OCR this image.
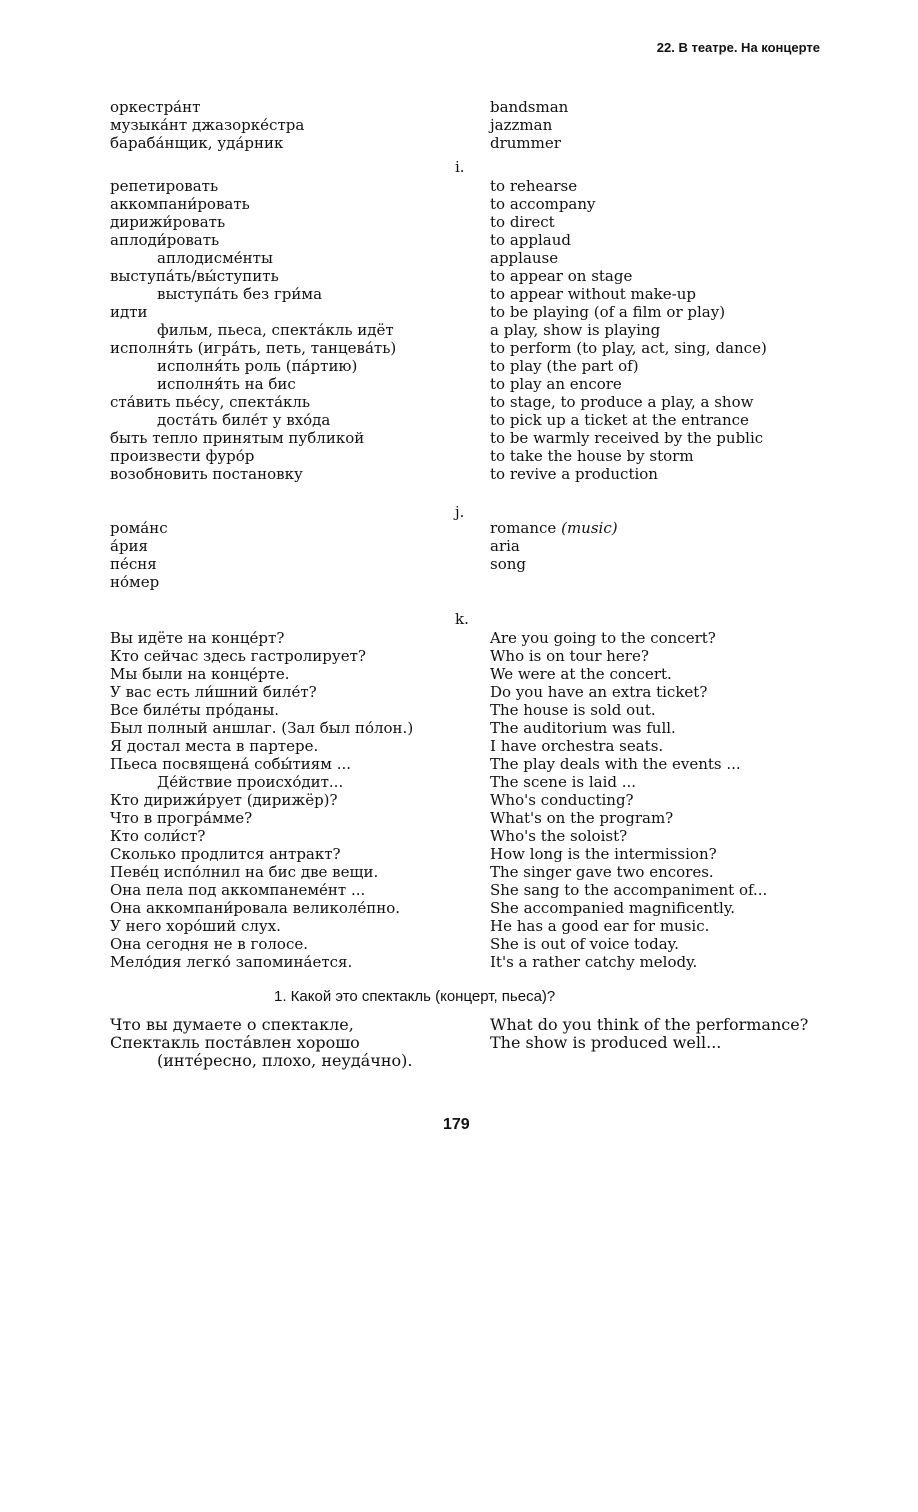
22. В театре. На концерте
оркестра́нт	bandsman
музыка́нт джазорке́стра	jazzman
бараба́нщик, уда́рник	drummer
i.
репетировать	to rehearse
аккомпани́ровать	to accompany
дирижи́ровать	to direct
аплоди́ровать	to applaud
аплодисме́нты	applause
выступа́ть/вы́ступить	to appear on stage
выступа́ть без гри́ма	to appear without make-up
идти	to be playing (of a film or play)
фильм, пьеса, спекта́кль идёт	a play, show is playing
исполня́ть (игра́ть, петь, танцева́ть)	to perform (to play, act, sing, dance)
исполня́ть роль (па́ртию)	to play (the part of)
исполня́ть на бис	to play an encore
ста́вить пье́су, спекта́кль	to stage, to produce a play, a show
доста́ть биле́т у вхо́да	to pick up a ticket at the entrance
быть тепло принятым публикой	to be warmly received by the public
произвести фуро́р	to take the house by storm
возобновить постановку	to revive a production
j.
рома́нс	romance (music)
а́рия	aria
пе́сня	song
но́мер
k.
Вы идёте на конце́рт?	Are you going to the concert?
Кто сейчас здесь гастролирует?	Who is on tour here?
Мы были на конце́рте.	We were at the concert.
У вас есть ли́шний биле́т?	Do you have an extra ticket?
Все биле́ты про́даны.	The house is sold out.
Был полный аншлаг. (Зал был по́лон.)	The auditorium was full.
Я достал места в партере.	I have orchestra seats.
Пьеса посвящена́ собы́тиям ...	The play deals with the events ...
Де́йствие происхо́дит...	The scene is laid ...
Кто дирижи́рует (дирижёр)?	Who's conducting?
Что в програ́мме?	What's on the program?
Кто соли́ст?	Who's the soloist?
Сколько продлится антракт?	How long is the intermission?
Певе́ц испо́лнил на бис две вещи.	The singer gave two encores.
Она пела под аккомпанеме́нт ...	She sang to the accompaniment of...
Она аккомпани́ровала великоле́пно.	She accompanied magnificently.
У него хоро́ший слух.	He has a good ear for music.
Она сегодня не в голосе.	She is out of voice today.
Мело́дия легко́ запомина́ется.	It's a rather catchy melody.
1. Какой это спектакль (концерт, пьеса)?
Что вы думаете о спектакле,	What do you think of the performance?
Спектакль поста́влен хорошо	The show is produced well...
(инте́ресно, плохо, неуда́чно).
179
